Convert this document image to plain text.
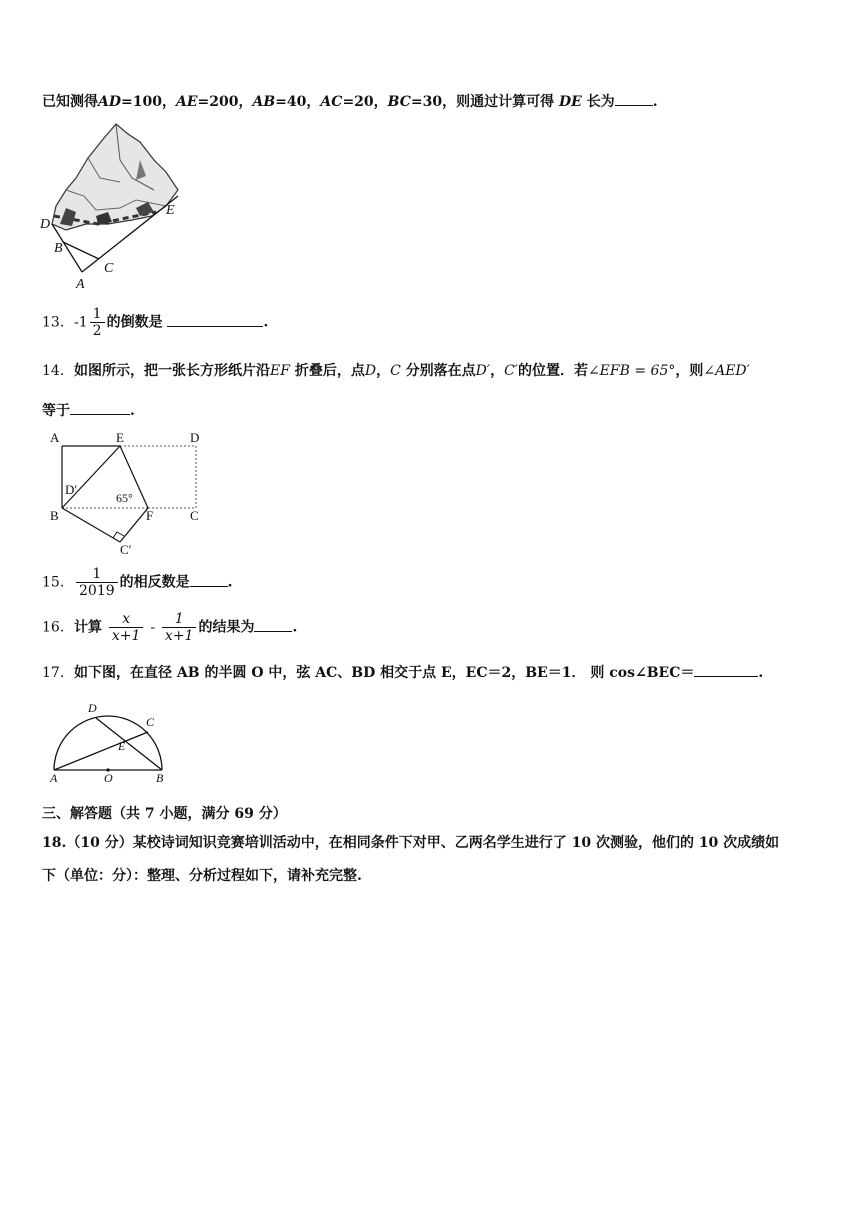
已知测得AD=100，AE=200，AB=40，AC=20，BC=30，则通过计算可得 DE 长为	.
D
B
C
A
E
13. $-1 \frac{1}{2}$ 的倒数是	.
14. 如图所示，把一张长方形纸片沿EF 折叠后，点D，C 分别落在点D′，C′的位置．若∠EFB = 65°，则∠AED′
等于	.
A	E	D
D′
65°
B	F	C
C′
15. $\frac{1}{2019}$ 的相反数是	.
16. 计算 $\frac{x}{x+1} - \frac{1}{x+1}$ 的结果为	.
17. 如下图，在直径 AB 的半圆 O 中，弦 AC、BD 相交于点 E，EC＝2，BE＝1． 则 cos∠BEC＝	.
D
C
E
A	O	B
三、解答题（共 7 小题，满分 69 分）
18.（10 分）某校诗词知识竞赛培训活动中，在相同条件下对甲、乙两名学生进行了 10 次测验，他们的 10 次成绩如
下（单位：分）：整理、分析过程如下，请补充完整.
